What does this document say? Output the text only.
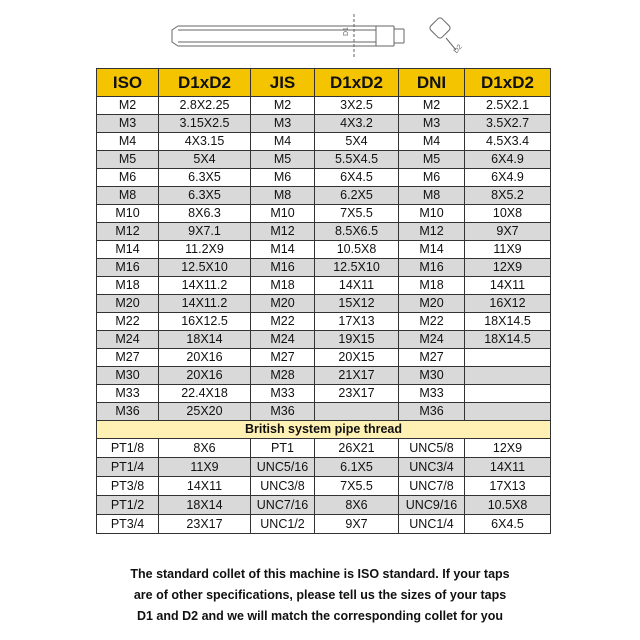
D1
D2
ISO	D1xD2	JIS	D1xD2	DNI	D1xD2
M2	2.8X2.25	M2	3X2.5	M2	2.5X2.1
M3	3.15X2.5	M3	4X3.2	M3	3.5X2.7
M4	4X3.15	M4	5X4	M4	4.5X3.4
M5	5X4	M5	5.5X4.5	M5	6X4.9
M6	6.3X5	M6	6X4.5	M6	6X4.9
M8	6.3X5	M8	6.2X5	M8	8X5.2
M10	8X6.3	M10	7X5.5	M10	10X8
M12	9X7.1	M12	8.5X6.5	M12	9X7
M14	11.2X9	M14	10.5X8	M14	11X9
M16	12.5X10	M16	12.5X10	M16	12X9
M18	14X11.2	M18	14X11	M18	14X11
M20	14X11.2	M20	15X12	M20	16X12
M22	16X12.5	M22	17X13	M22	18X14.5
M24	18X14	M24	19X15	M24	18X14.5
M27	20X16	M27	20X15	M27	
M30	20X16	M28	21X17	M30	
M33	22.4X18	M33	23X17	M33	
M36	25X20	M36		M36	
British system pipe thread					
PT1/8	8X6	PT1	26X21	UNC5/8	12X9
PT1/4	11X9	UNC5/16	6.1X5	UNC3/4	14X11
PT3/8	14X11	UNC3/8	7X5.5	UNC7/8	17X13
PT1/2	18X14	UNC7/16	8X6	UNC9/16	10.5X8
PT3/4	23X17	UNC1/2	9X7	UNC1/4	6X4.5
The standard collet of this machine is ISO standard. If your taps
are of other specifications, please tell us the sizes of your taps
D1 and D2 and we will match the corresponding collet for you
